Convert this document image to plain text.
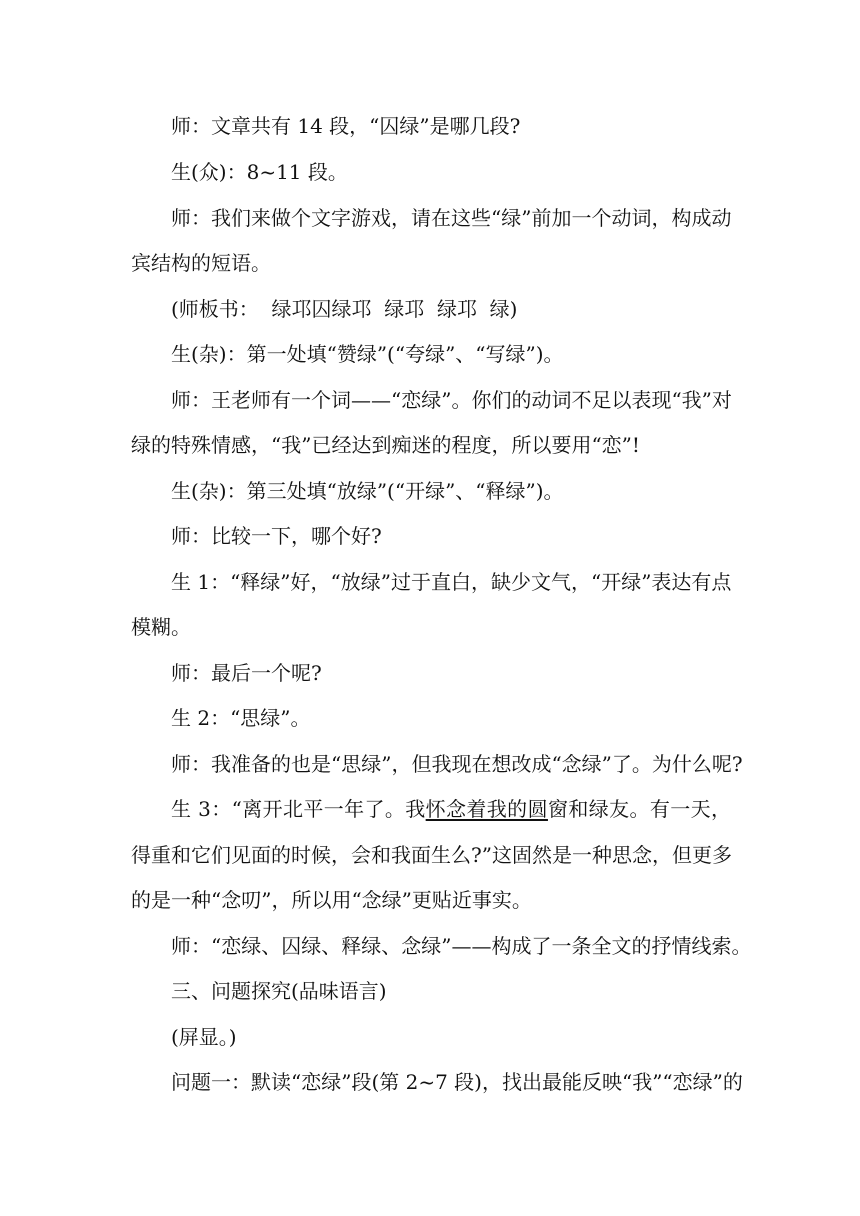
师：文章共有 14 段，“囚绿”是哪几段?
生(众)：8~11 段。
师：我们来做个文字游戏，请在这些“绿”前加一个动词，构成动
宾结构的短语。
(师板书：  绿邛囚绿邛  绿邛  绿邛  绿)
生(杂)：第一处填“赞绿”(“夸绿”、“写绿”)。
师：王老师有一个词——“恋绿”。你们的动词不足以表现“我”对
绿的特殊情感，“我”已经达到痴迷的程度，所以要用“恋”!
生(杂)：第三处填“放绿”(“开绿”、“释绿”)。
师：比较一下，哪个好?
生 1：“释绿”好，“放绿”过于直白，缺少文气，“开绿”表达有点
模糊。
师：最后一个呢?
生 2：“思绿”。
师：我准备的也是“思绿”，但我现在想改成“念绿”了。为什么呢?
生 3：“离开北平一年了。我怀念着我的圆窗和绿友。有一天，
得重和它们见面的时候，会和我面生么?”这固然是一种思念，但更多
的是一种“念叨”，所以用“念绿”更贴近事实。
师：“恋绿、囚绿、释绿、念绿”——构成了一条全文的抒情线索。
三、问题探究(品味语言)
(屏显。)
问题一：默读“恋绿”段(第 2~7 段)，找出最能反映“我”“恋绿”的
